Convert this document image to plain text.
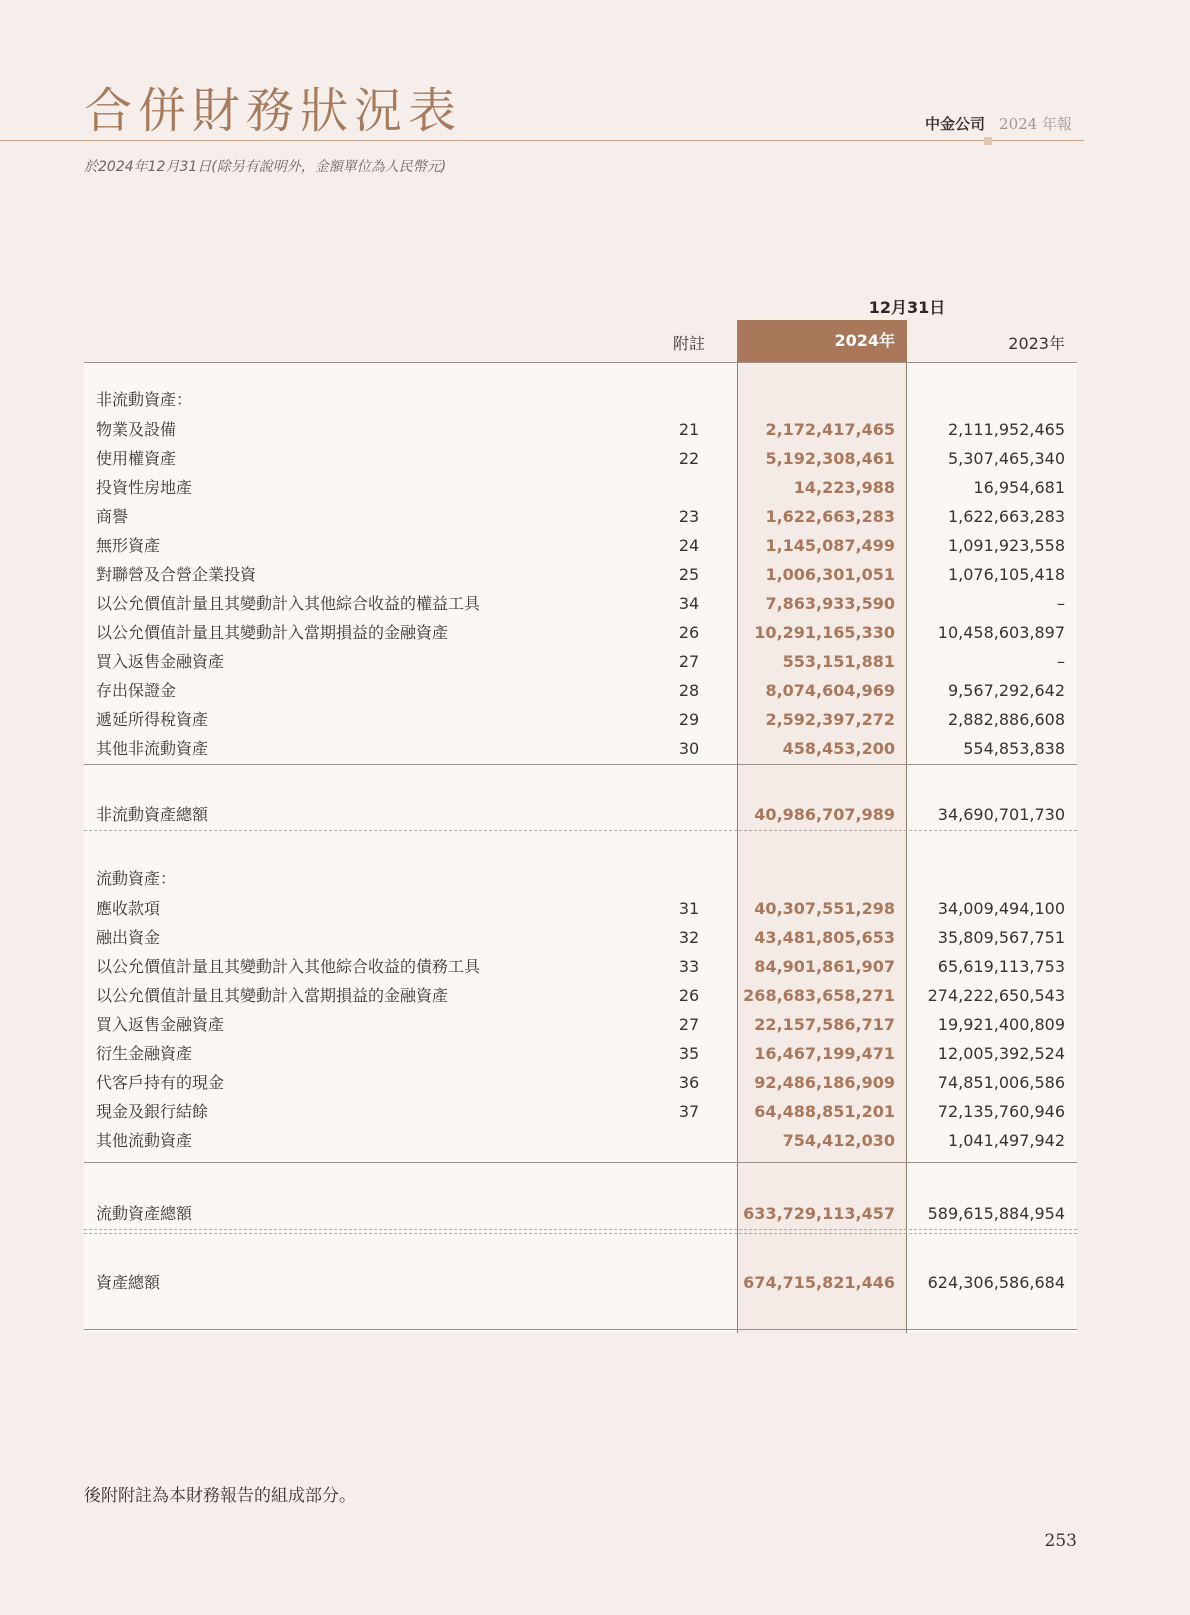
合併財務狀況表	中金公司 2024 年報
於2024年12月31日(除另有說明外，金額單位為人民幣元)
12月31日
附註	2024年	2023年
非流動資產：
物業及設備	21	2,172,417,465	2,111,952,465
使用權資產	22	5,192,308,461	5,307,465,340
投資性房地產	14,223,988	16,954,681
商譽	23	1,622,663,283	1,622,663,283
無形資產	24	1,145,087,499	1,091,923,558
對聯營及合營企業投資	25	1,006,301,051	1,076,105,418
以公允價值計量且其變動計入其他綜合收益的權益工具	34	7,863,933,590	–
以公允價值計量且其變動計入當期損益的金融資產	26	10,291,165,330	10,458,603,897
買入返售金融資產	27	553,151,881	–
存出保證金	28	8,074,604,969	9,567,292,642
遞延所得稅資產	29	2,592,397,272	2,882,886,608
其他非流動資產	30	458,453,200	554,853,838
非流動資產總額	40,986,707,989	34,690,701,730
流動資產：
應收款項	31	40,307,551,298	34,009,494,100
融出資金	32	43,481,805,653	35,809,567,751
以公允價值計量且其變動計入其他綜合收益的債務工具	33	84,901,861,907	65,619,113,753
以公允價值計量且其變動計入當期損益的金融資產	26	268,683,658,271	274,222,650,543
買入返售金融資產	27	22,157,586,717	19,921,400,809
衍生金融資產	35	16,467,199,471	12,005,392,524
代客戶持有的現金	36	92,486,186,909	74,851,006,586
現金及銀行結餘	37	64,488,851,201	72,135,760,946
其他流動資產	754,412,030	1,041,497,942
流動資產總額	633,729,113,457	589,615,884,954
資產總額	674,715,821,446	624,306,586,684
後附附註為本財務報告的組成部分。
253
